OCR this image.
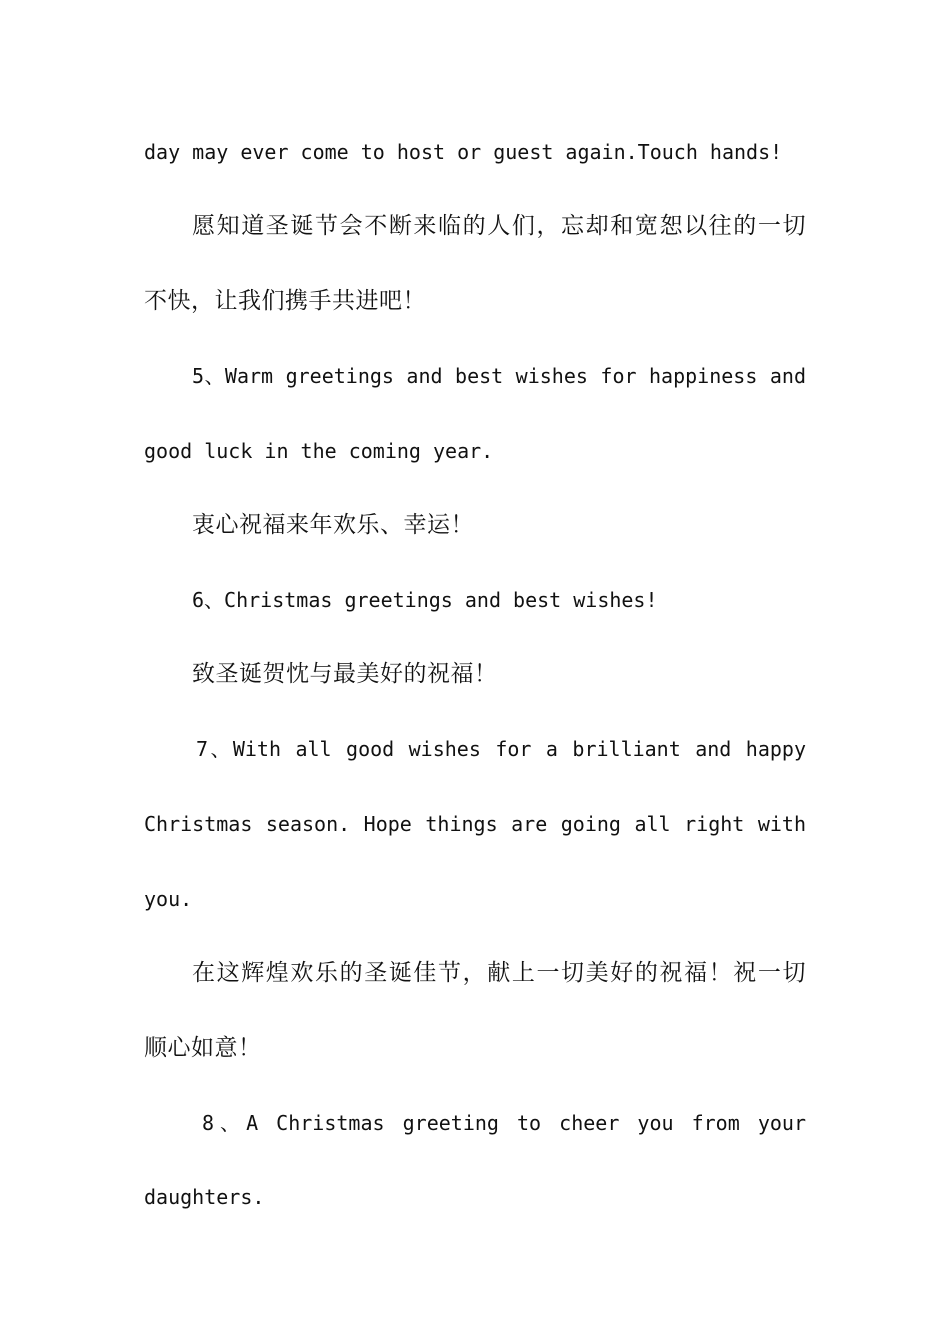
day may ever come to host or guest again.Touch hands!
愿知道圣诞节会不断来临的人们，忘却和宽恕以往的一切
不快，让我们携手共进吧！
5、Warm greetings and best wishes for happiness and
good luck in the coming year.
衷心祝福来年欢乐、幸运！
6、Christmas greetings and best wishes!
致圣诞贺忱与最美好的祝福！
7、With all good wishes for a brilliant and happy
Christmas season. Hope things are going all right with
you.
在这辉煌欢乐的圣诞佳节，献上一切美好的祝福！祝一切
顺心如意！
8、A Christmas greeting to cheer you from your
daughters.
